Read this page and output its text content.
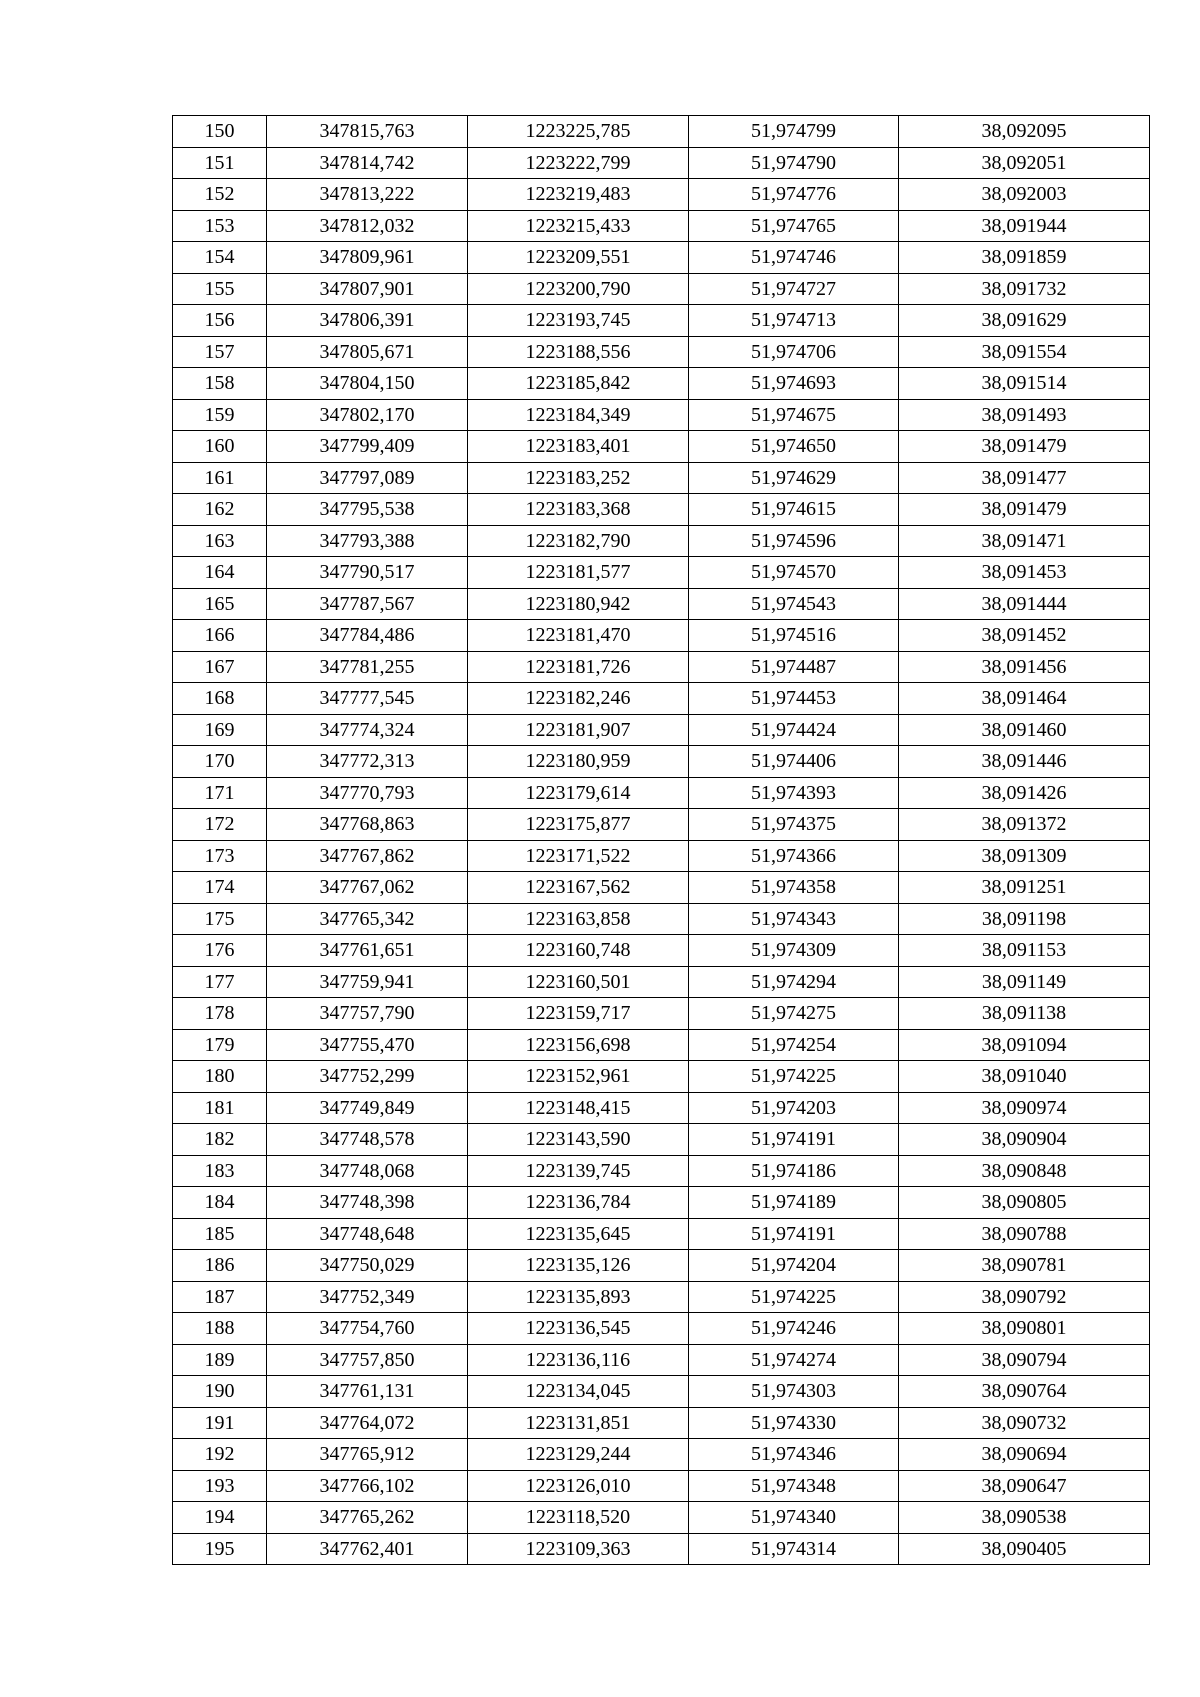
150	347815,763	1223225,785	51,974799	38,092095
151	347814,742	1223222,799	51,974790	38,092051
152	347813,222	1223219,483	51,974776	38,092003
153	347812,032	1223215,433	51,974765	38,091944
154	347809,961	1223209,551	51,974746	38,091859
155	347807,901	1223200,790	51,974727	38,091732
156	347806,391	1223193,745	51,974713	38,091629
157	347805,671	1223188,556	51,974706	38,091554
158	347804,150	1223185,842	51,974693	38,091514
159	347802,170	1223184,349	51,974675	38,091493
160	347799,409	1223183,401	51,974650	38,091479
161	347797,089	1223183,252	51,974629	38,091477
162	347795,538	1223183,368	51,974615	38,091479
163	347793,388	1223182,790	51,974596	38,091471
164	347790,517	1223181,577	51,974570	38,091453
165	347787,567	1223180,942	51,974543	38,091444
166	347784,486	1223181,470	51,974516	38,091452
167	347781,255	1223181,726	51,974487	38,091456
168	347777,545	1223182,246	51,974453	38,091464
169	347774,324	1223181,907	51,974424	38,091460
170	347772,313	1223180,959	51,974406	38,091446
171	347770,793	1223179,614	51,974393	38,091426
172	347768,863	1223175,877	51,974375	38,091372
173	347767,862	1223171,522	51,974366	38,091309
174	347767,062	1223167,562	51,974358	38,091251
175	347765,342	1223163,858	51,974343	38,091198
176	347761,651	1223160,748	51,974309	38,091153
177	347759,941	1223160,501	51,974294	38,091149
178	347757,790	1223159,717	51,974275	38,091138
179	347755,470	1223156,698	51,974254	38,091094
180	347752,299	1223152,961	51,974225	38,091040
181	347749,849	1223148,415	51,974203	38,090974
182	347748,578	1223143,590	51,974191	38,090904
183	347748,068	1223139,745	51,974186	38,090848
184	347748,398	1223136,784	51,974189	38,090805
185	347748,648	1223135,645	51,974191	38,090788
186	347750,029	1223135,126	51,974204	38,090781
187	347752,349	1223135,893	51,974225	38,090792
188	347754,760	1223136,545	51,974246	38,090801
189	347757,850	1223136,116	51,974274	38,090794
190	347761,131	1223134,045	51,974303	38,090764
191	347764,072	1223131,851	51,974330	38,090732
192	347765,912	1223129,244	51,974346	38,090694
193	347766,102	1223126,010	51,974348	38,090647
194	347765,262	1223118,520	51,974340	38,090538
195	347762,401	1223109,363	51,974314	38,090405
